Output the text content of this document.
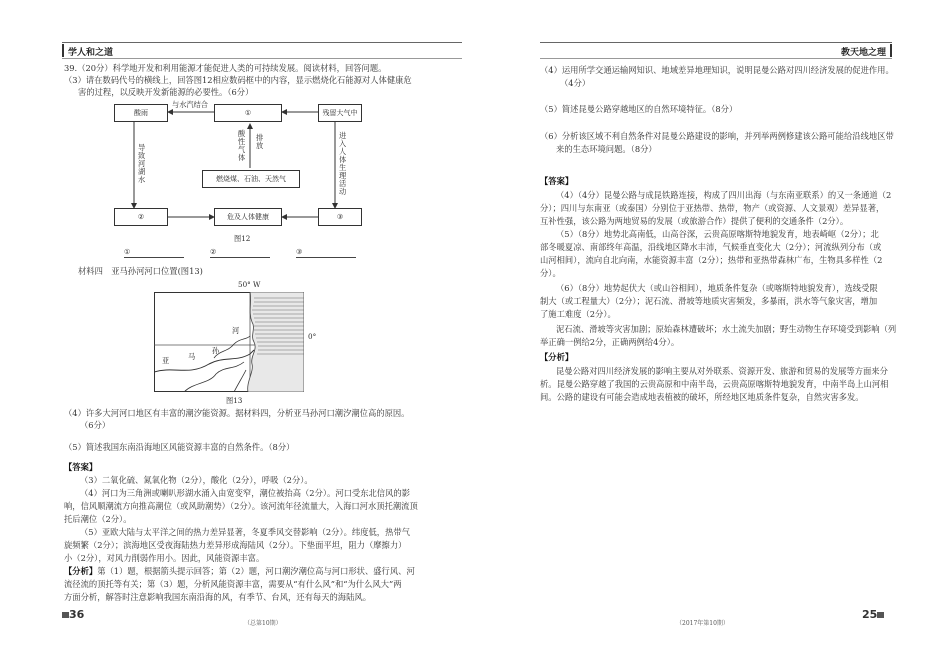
学人和之道	教天地之理
39.（20分）科学地开发和利用能源才能促进人类的可持续发展。阅读材料，回答问题。
（3）请在数码代号的横线上，回答图12相应数码框中的内容，显示燃烧化石能源对人体健康危
害的过程，以反映开发新能源的必要性。（6分）
酸雨	①	残留大气中
燃烧煤、石油、天然气
②	危及人体健康	③
与水汽结合
导致河湖水
酸性气体
排放
进入人体生理活动
图12
①	②	③
材料四　亚马孙河河口位置(图13)
50° W
0°
河
亚	马
孙
图13
（4）许多大河河口地区有丰富的潮汐能资源。据材料四，分析亚马孙河口潮汐潮位高的原因。
（6分）
（5）简述我国东南沿海地区风能资源丰富的自然条件。（8分）
【答案】
（3）二氧化硫、氮氧化物（2分），酸化（2分），呼吸（2分）。
（4）河口为三角洲或喇叭形湖水涌入由宽变窄，潮位被抬高（2分）。河口受东北信风的影
响，信风顺潮流方向推高潮位（或风助潮势）（2分）。该河流年径流量大，入海口河水顶托潮流顶
托后潮位（2分）。
（5）亚欧大陆与太平洋之间的热力差异显著，冬夏季风交替影响（2分）。纬度低，热带气
旋频繁（2分）；滨海地区受夜海陆热力差异形成海陆风（2分）。下垫面平坦，阻力（摩擦力）
小（2分），对风力削弱作用小。因此，风能资源丰富。
【分析】第（1）题，根据箭头提示回答；第（2）题，河口潮汐潮位高与河口形状、盛行风、河
流径流的顶托等有关；第（3）题，分析风能资源丰富，需要从“有什么风”和“为什么风大”两
方面分析，解答时注意影响我国东南沿海的风，有季节、台风，还有每天的海陆风。
36
（总第10期）
（4）运用所学交通运输网知识、地域差异地理知识，说明昆曼公路对四川经济发展的促进作用。
（4分）
（5）简述昆曼公路穿越地区的自然环境特征。（8分）
（6）分析该区域不利自然条件对昆曼公路建设的影响，并列举两例修建该公路可能给沿线地区带
来的生态环境问题。（8分）
【答案】
（4）（4分）昆曼公路与成昆铁路连接，构成了四川出海（与东南亚联系）的又一条通道（2
分）；四川与东南亚（或泰国）分别位于亚热带、热带，物产（或资源、人文景观）差异显著，
互补性强，该公路为两地贸易的发展（或旅游合作）提供了便利的交通条件（2分）。
（5）（8分）地势北高南低，山高谷深，云贵高原喀斯特地貌发育，地表崎岖（2分）；北
部冬暖夏凉、南部终年高温，沿线地区降水丰沛，气候垂直变化大（2分）；河流纵列分布（或
山河相间），流向自北向南，水能资源丰富（2分）；热带和亚热带森林广布，生物具多样性（2
分）。
（6）（8分）地势起伏大（或山谷相间），地质条件复杂（或喀斯特地貌发育），选线受限
制大（或工程量大）（2分）；泥石流、滑坡等地质灾害频发，多暴雨，洪水等气象灾害，增加
了施工难度（2分）。
泥石流、滑坡等灾害加剧；原始森林遭破坏；水土流失加剧；野生动物生存环境受到影响（列
举正确一例给2分，正确两例给4分）。
【分析】
昆曼公路对四川经济发展的影响主要从对外联系、资源开发、旅游和贸易的发展等方面来分
析。昆曼公路穿越了我国的云贵高原和中南半岛，云贵高原喀斯特地貌发育，中南半岛上山河相
间。公路的建设有可能会造成地表植被的破坏，所经地区地质条件复杂，自然灾害多发。
（2017年第10期）
25
